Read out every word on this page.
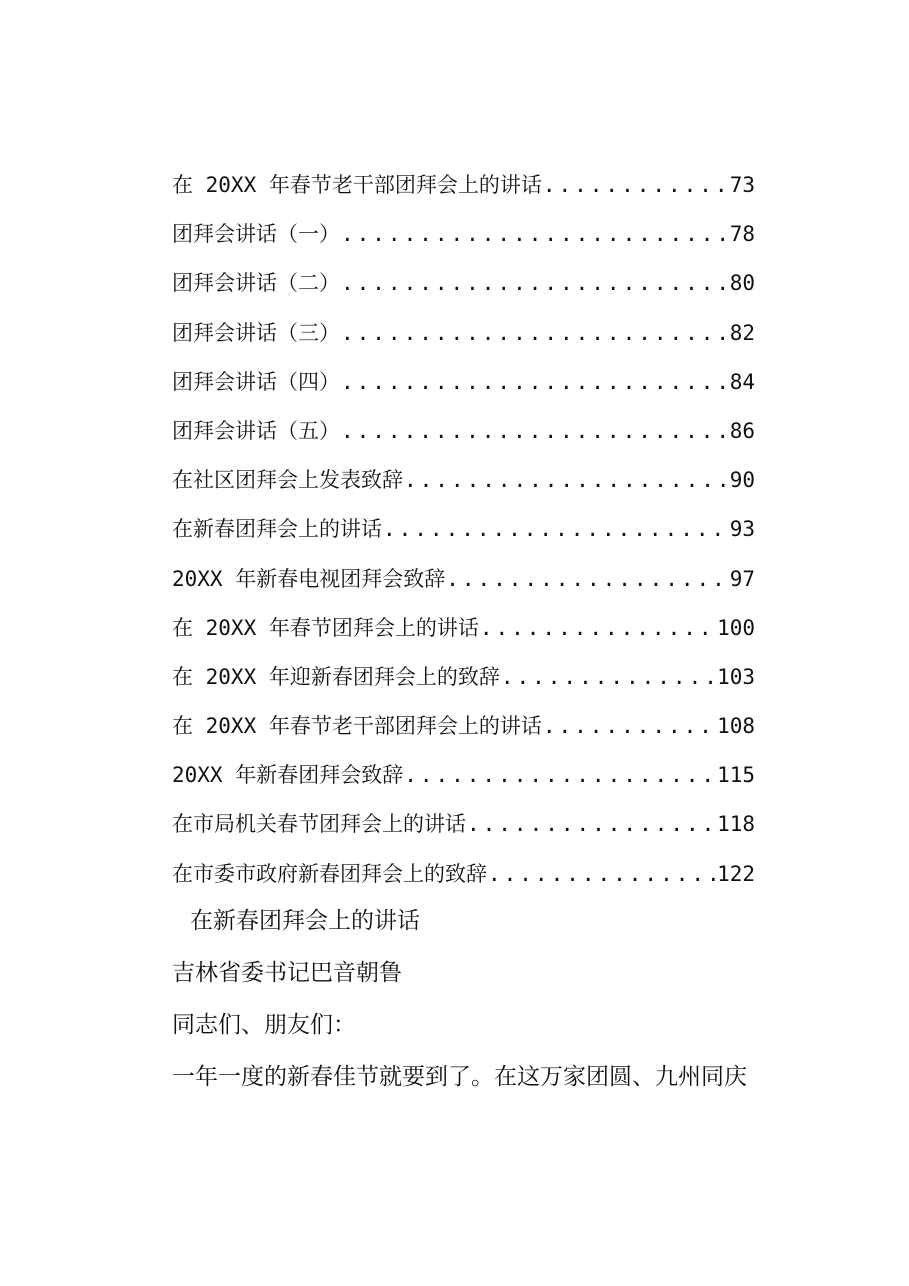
在 20XX 年春节老干部团拜会上的讲话 .....	73
团拜会讲话（一） .....	78
团拜会讲话（二） .....	80
团拜会讲话（三） .....	82
团拜会讲话（四） .....	84
团拜会讲话（五） .....	86
在社区团拜会上发表致辞 .....	90
在新春团拜会上的讲话 .....	93
20XX 年新春电视团拜会致辞 .....	97
在 20XX 年春节团拜会上的讲话 .....	100
在 20XX 年迎新春团拜会上的致辞 .....	103
在 20XX 年春节老干部团拜会上的讲话 .....	108
20XX 年新春团拜会致辞 .....	115
在市局机关春节团拜会上的讲话 .....	118
在市委市政府新春团拜会上的致辞 .....	122
在新春团拜会上的讲话
吉林省委书记巴音朝鲁
同志们、朋友们：
一年一度的新春佳节就要到了。在这万家团圆、九州同庆
